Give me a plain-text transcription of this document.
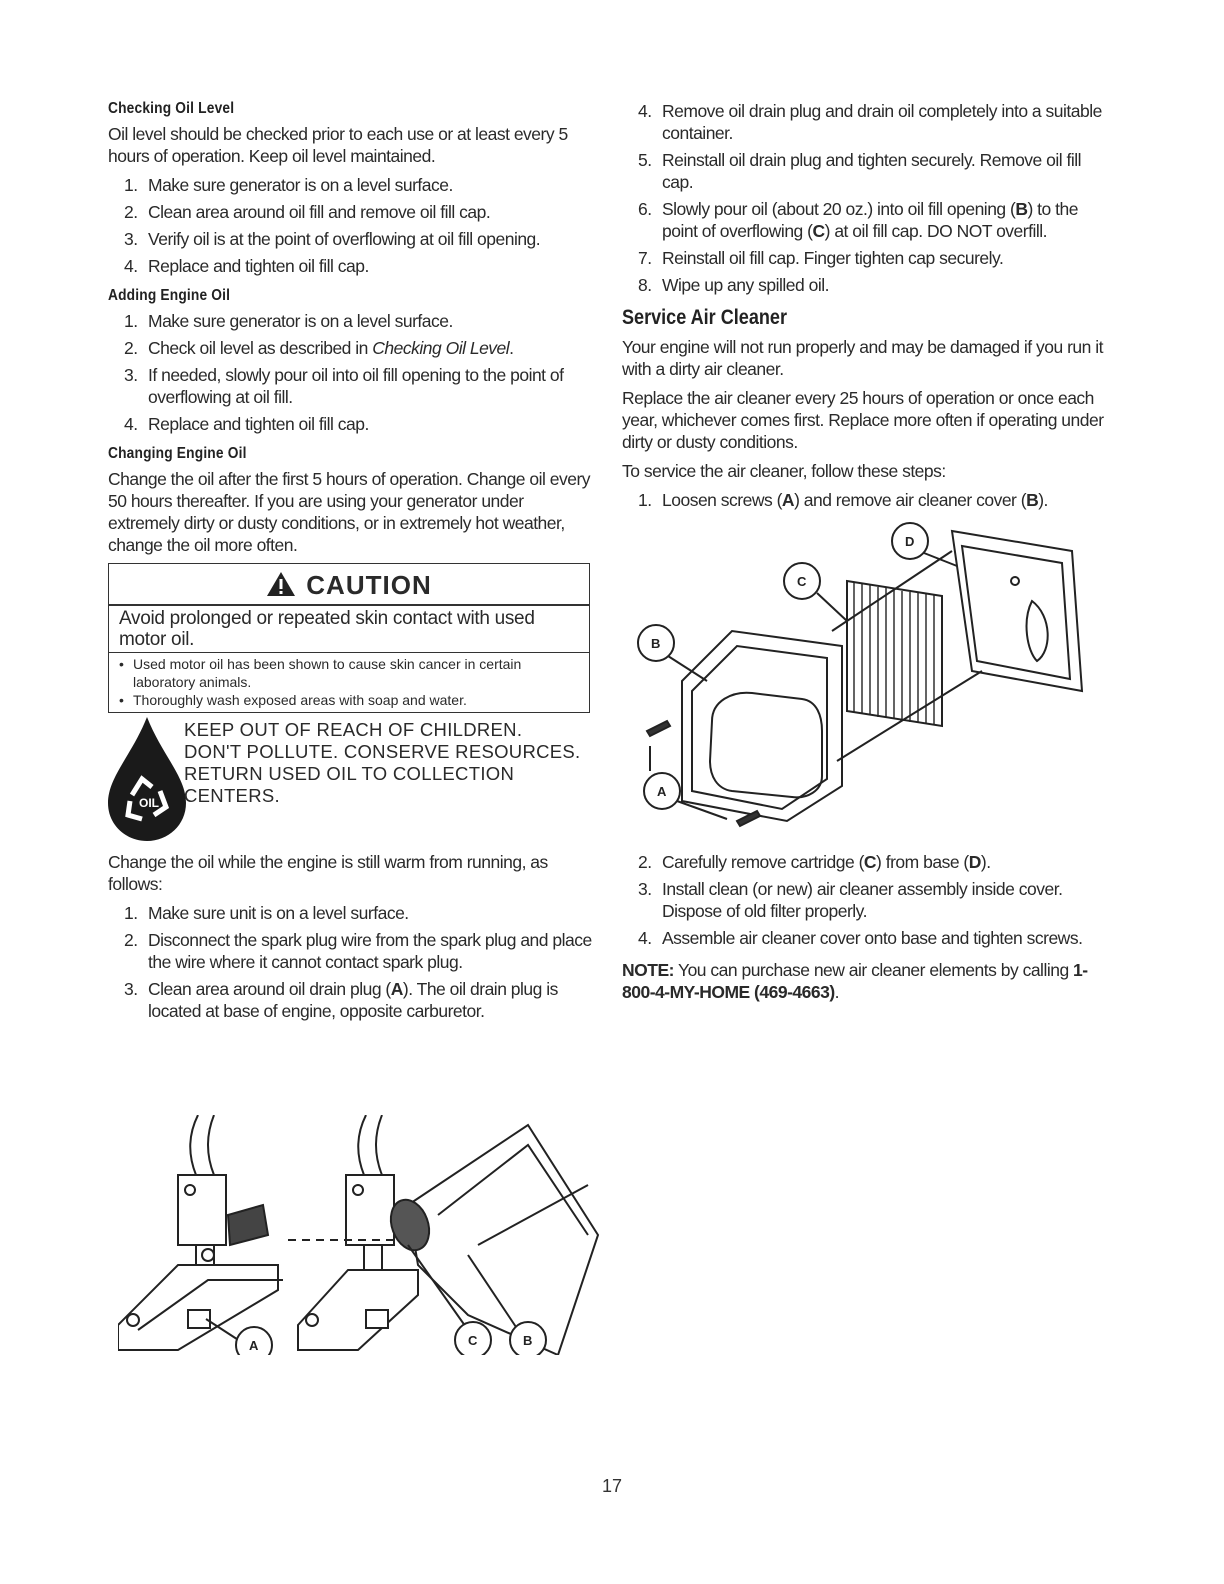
Checking Oil Level

Oil level should be checked prior to each use or at least every 5 hours of operation. Keep oil level maintained.

1. Make sure generator is on a level surface.
2. Clean area around oil fill and remove oil fill cap.
3. Verify oil is at the point of overflowing at oil fill opening.
4. Replace and tighten oil fill cap.
Adding Engine Oil
1. Make sure generator is on a level surface.
2. Check oil level as described in Checking Oil Level.
3. If needed, slowly pour oil into oil fill opening to the point of overflowing at oil fill.
4. Replace and tighten oil fill cap.
Changing Engine Oil

Change the oil after the first 5 hours of operation. Change oil every 50 hours thereafter. If you are using your generator under extremely dirty or dusty conditions, or in extremely hot weather, change the oil more often.

CAUTION
Avoid prolonged or repeated skin contact with used motor oil.
• Used motor oil has been shown to cause skin cancer in certain laboratory animals.
• Thoroughly wash exposed areas with soap and water.
OIL
KEEP OUT OF REACH OF CHILDREN. DON'T POLLUTE. CONSERVE RESOURCES. RETURN USED OIL TO COLLECTION CENTERS.

Change the oil while the engine is still warm from running, as follows:

1. Make sure unit is on a level surface.
2. Disconnect the spark plug wire from the spark plug and place the wire where it cannot contact spark plug.
3. Clean area around oil drain plug (A). The oil drain plug is located at base of engine, opposite carburetor.
A	C	B
4. Remove oil drain plug and drain oil completely into a suitable container.
5. Reinstall oil drain plug and tighten securely. Remove oil fill cap.
6. Slowly pour oil (about 20 oz.) into oil fill opening (B) to the point of overflowing (C) at oil fill cap. DO NOT overfill.
7. Reinstall oil fill cap. Finger tighten cap securely.
8. Wipe up any spilled oil.
Service Air Cleaner

Your engine will not run properly and may be damaged if you run it with a dirty air cleaner.

Replace the air cleaner every 25 hours of operation or once each year, whichever comes first. Replace more often if operating under dirty or dusty conditions.

To service the air cleaner, follow these steps:

1. Loosen screws (A) and remove air cleaner cover (B).
D
C
B
A
2. Carefully remove cartridge (C) from base (D).
3. Install clean (or new) air cleaner assembly inside cover. Dispose of old filter properly.
4. Assemble air cleaner cover onto base and tighten screws.

NOTE: You can purchase new air cleaner elements by calling 1-800-4-MY-HOME (469-4663).

17
